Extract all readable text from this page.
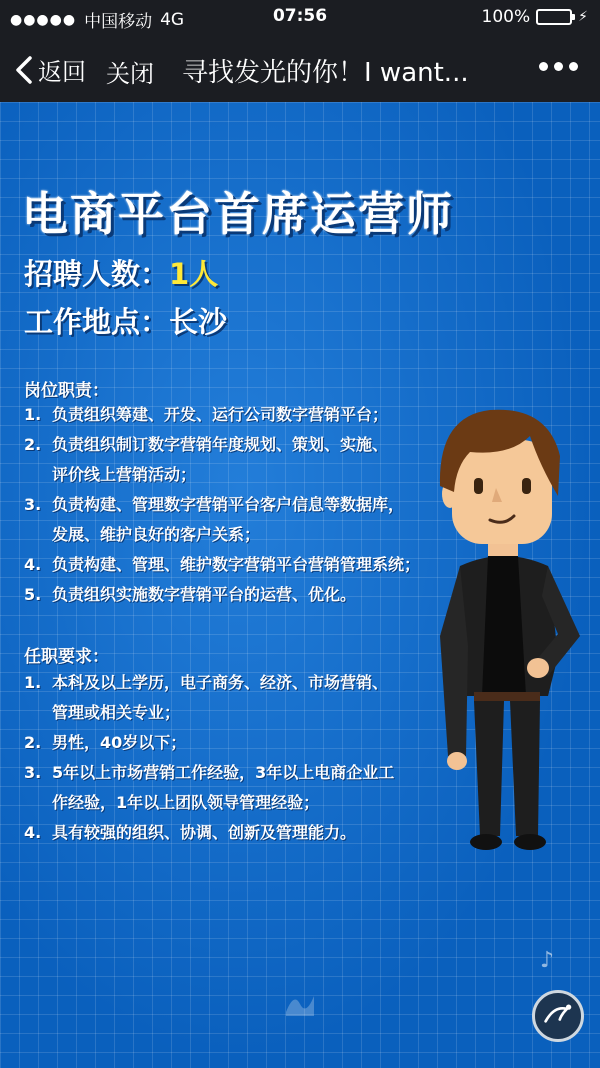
●●●●● 中国移动 4G	07:56	100%	⚡
返回 关闭 寻找发光的你！I want...
电商平台首席运营师
招聘人数：1人
工作地点：长沙
岗位职责：
1. 负责组织筹建、开发、运行公司数字营销平台；
2. 负责组织制订数字营销年度规划、策划、实施、
评价线上营销活动；
3. 负责构建、管理数字营销平台客户信息等数据库，
发展、维护良好的客户关系；
4. 负责构建、管理、维护数字营销平台营销管理系统；
5. 负责组织实施数字营销平台的运营、优化。
任职要求：
1. 本科及以上学历，电子商务、经济、市场营销、
管理或相关专业；
2. 男性，40岁以下；
3. 5年以上市场营销工作经验，3年以上电商企业工
作经验，1年以上团队领导管理经验；
4. 具有较强的组织、协调、创新及管理能力。
♪
